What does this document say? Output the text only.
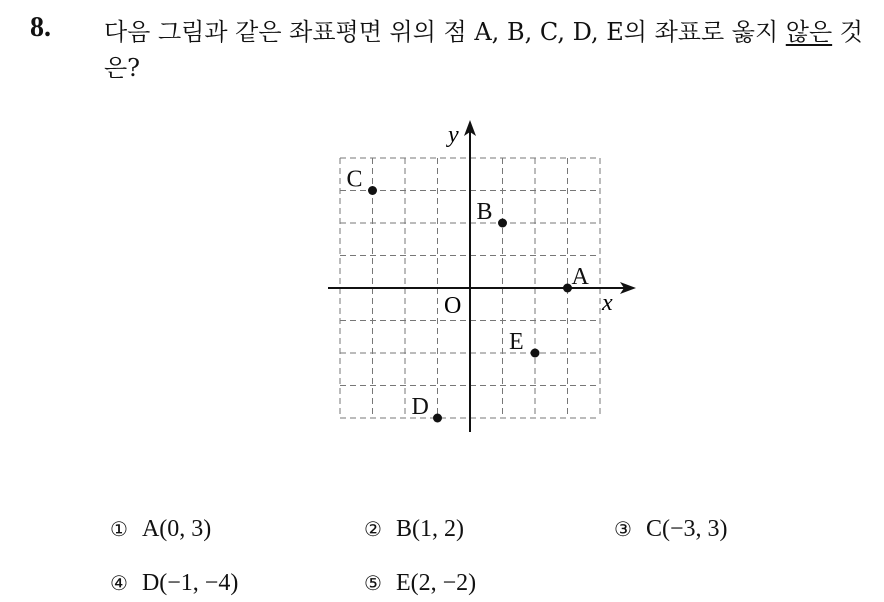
8. 다음 그림과 같은 좌표평면 위의 점 A, B, C, D, E의 좌표로 옳지 않은 것은?
x
y
O
A
B
C
D
E
① A(0, 3)	② B(1, 2)	③ C(−3, 3)
④ D(−1, −4)	⑤ E(2, −2)
